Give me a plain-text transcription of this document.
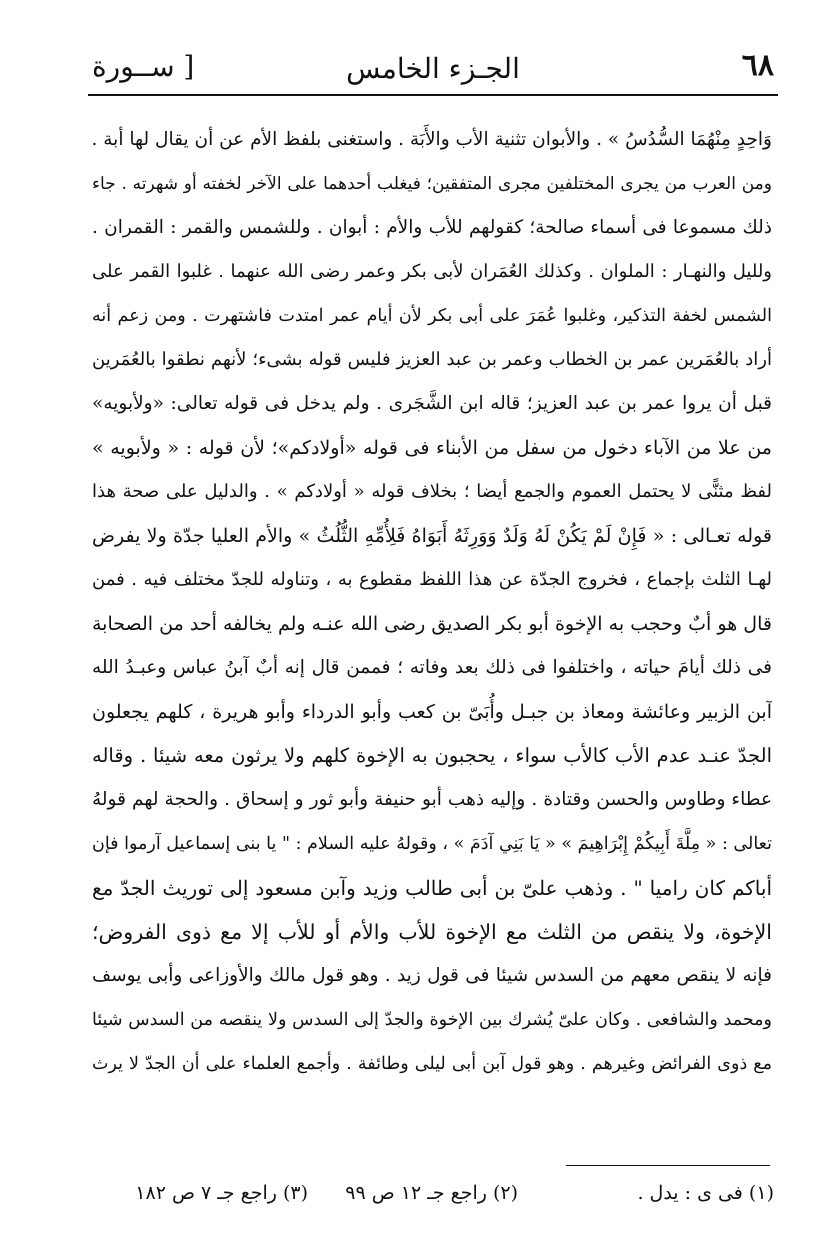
٦٨
الجـزء الخامس
[ ســورة
وَاحِدٍ مِنْهُمَا السُّدُسُ » . والأبوان تثنية الأب والأَبَة . واستغنى بلفظ الأم عن أن يقال لها أبة .
ومن العرب من يجرى المختلفين مجرى المتفقين؛ فيغلب أحدهما على الآخر لخفته أو شهرته . جاء
ذلك مسموعا فى أسماء صالحة؛ كقولهم للأب والأم : أبوان . وللشمس والقمر : القمران .
ولليل والنهـار : الملوان . وكذلك العُمَران لأبى بكر وعمر رضى الله عنهما . غلبوا القمر على
الشمس لخفة التذكير، وغلبوا عُمَرَ على أبى بكر لأن أيام عمر امتدت فاشتهرت . ومن زعم أنه
أراد بالعُمَرين عمر بن الخطاب وعمر بن عبد العزيز فليس قوله بشىء؛ لأنهم نطقوا بالعُمَرين
قبل أن يروا عمر بن عبد العزيز؛ قاله ابن الشَّجَرى . ولم يدخل فى قوله تعالى: «ولأبويه»
من علا من الآباء دخول من سفل من الأبناء فى قوله «أولادكم»؛ لأن قوله : « ولأبويه »
لفظ مثنًّى لا يحتمل العموم والجمع أيضا ؛ بخلاف قوله « أولادكم » . والدليل على صحة هذا
قوله تعـالى : « فَإِنْ لَمْ يَكُنْ لَهُ وَلَدٌ وَوَرِثَهُ أَبَوَاهُ فَلِأُمِّهِ الثُّلُثُ » والأم العليا جدّة ولا يفرض
لهـا الثلث بإجماع ، فخروج الجدّة عن هذا اللفظ مقطوع به ، وتناوله للجدّ مختلف فيه . فمن
قال هو أبٌ وحجب به الإخوة أبو بكر الصديق رضى الله عنـه ولم يخالفه أحد من الصحابة
فى ذلك أيامَ حياته ، واختلفوا فى ذلك بعد وفاته ؛ فممن قال إنه أبٌ آبنُ عباس وعبـدُ الله
آبن الزبير وعائشة ومعاذ بن جبـل وأُبَىّ بن كعب وأبو الدرداء وأبو هريرة ، كلهم يجعلون
الجدّ عنـد عدم الأب كالأب سواء ، يحجبون به الإخوة كلهم ولا يرثون معه شيئا . وقاله
عطاء وطاوس والحسن وقتادة . وإليه ذهب أبو حنيفة وأبو ثور و إسحاق . والحجة لهم قولهُ
تعالى : « مِلَّةَ أَبِيكُمْ إِبْرَاهِيمَ » « يَا بَنِي آدَمَ » ، وقولهُ عليه السلام : " يا بنى إسماعيل آرموا فإن
أباكم كان راميا " . وذهب علىّ بن أبى طالب وزيد وآبن مسعود إلى توريث الجدّ مع
الإخوة، ولا ينقص من الثلث مع الإخوة للأب والأم أو للأب إلا مع ذوى الفروض؛
فإنه لا ينقص معهم من السدس شيئا فى قول زيد . وهو قول مالك والأوزاعى وأبى يوسف
ومحمد والشافعى . وكان علىّ يُشرك بين الإخوة والجدّ إلى السدس ولا ينقصه من السدس شيئا
مع ذوى الفرائض وغيرهم . وهو قول آبن أبى ليلى وطائفة . وأجمع العلماء على أن الجدّ لا يرث
(١) فى ى : يدل .
(٢) راجع جـ ١٢ ص ٩٩
(٣) راجع جـ ٧ ص ١٨٢
